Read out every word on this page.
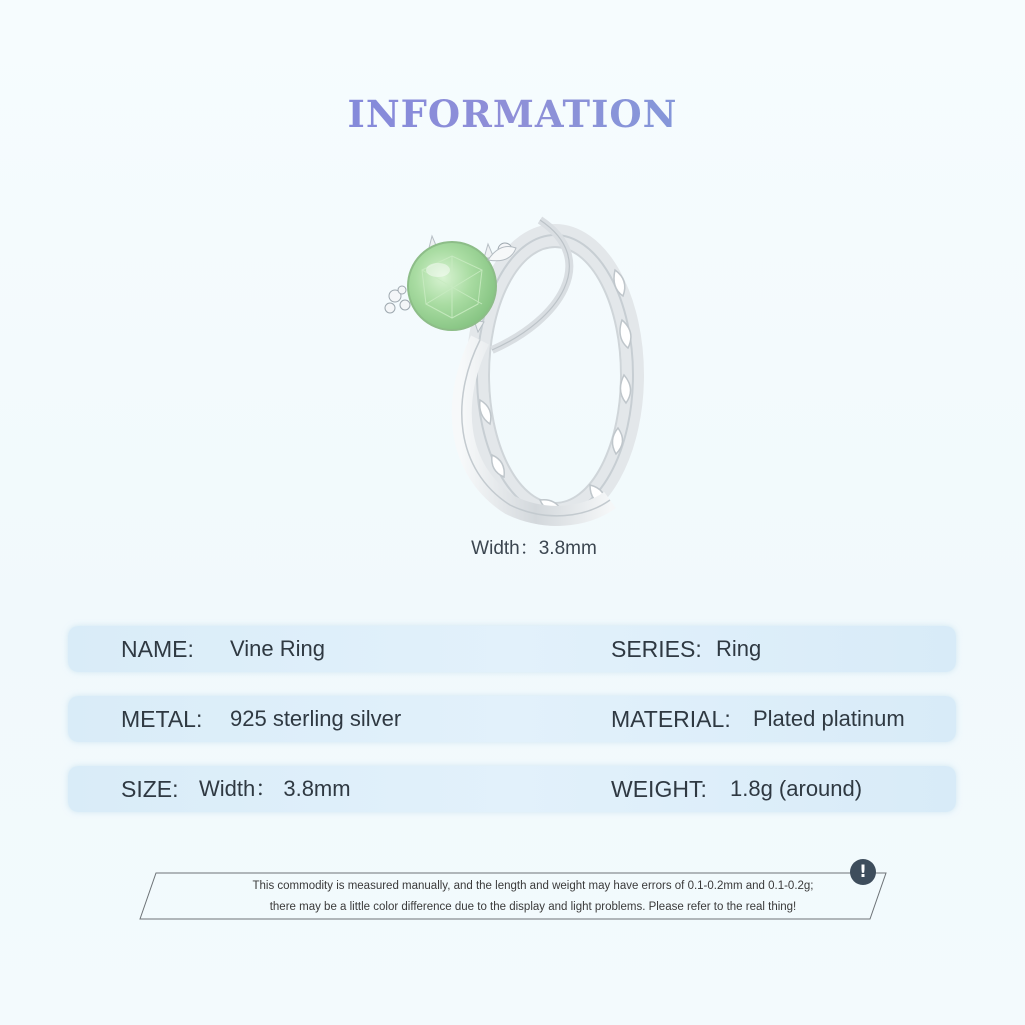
INFORMATION
Width：3.8mm
NAME: Vine Ring	SERIES: Ring
METAL: 925 sterling silver	MATERIAL: Plated platinum
SIZE: Width： 3.8mm	WEIGHT: 1.8g (around)
This commodity is measured manually, and the length and weight may have errors of 0.1-0.2mm and 0.1-0.2g;
there may be a little color difference due to the display and light problems. Please refer to the real thing!
!
